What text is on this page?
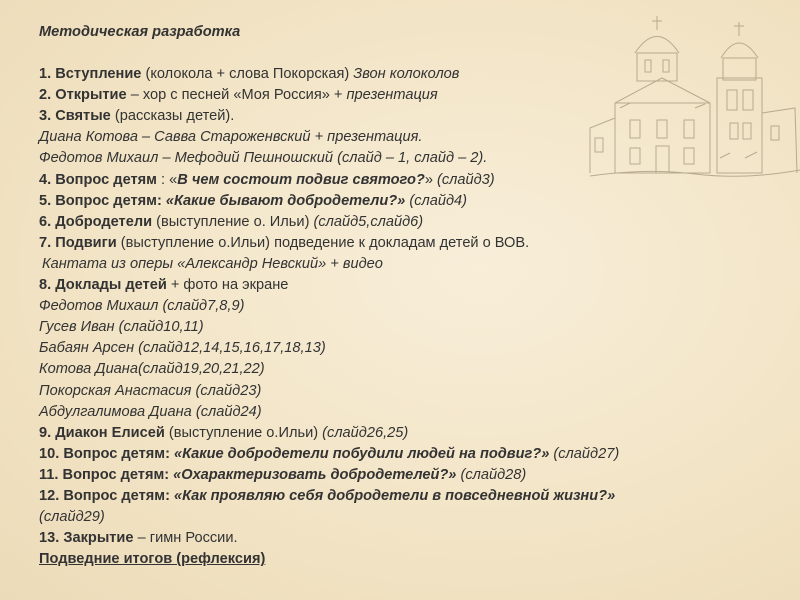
Методическая разработка
1. Вступление (колокола + слова Покорская) Звон колоколов
2. Открытие – хор с песней «Моя Россия» + презентация
3. Святые (рассказы детей).
Диана Котова – Савва Староженвский + презентация.
Федотов Михаил – Мефодий Пешношский (слайд – 1, слайд – 2).
4. Вопрос детям : «В чем состоит подвиг святого?» (слайд3)
5. Вопрос детям: «Какие бывают добродетели?» (слайд4)
6. Добродетели (выступление о. Ильи) (слайд5,слайд6)
7. Подвиги (выступление о.Ильи) подведение к докладам детей о ВОВ.
Кантата из оперы «Александр Невский» + видео
8. Доклады детей + фото на экране
Федотов Михаил (слайд7,8,9)
Гусев Иван (слайд10,11)
Бабаян Арсен (слайд12,14,15,16,17,18,13)
Котова Диана(слайд19,20,21,22)
Покорская Анастасия (слайд23)
Абдулгалимова Диана (слайд24)
9. Диакон Елисей (выступление о.Ильи) (слайд26,25)
10. Вопрос детям: «Какие добродетели побудили людей на подвиг?» (слайд27)
11. Вопрос детям: «Охарактеризовать добродетелей?» (слайд28)
12. Вопрос детям: «Как проявляю себя добродетели в повседневной жизни?»
(слайд29)
13. Закрытие – гимн России.
Подведние итогов (рефлексия)
